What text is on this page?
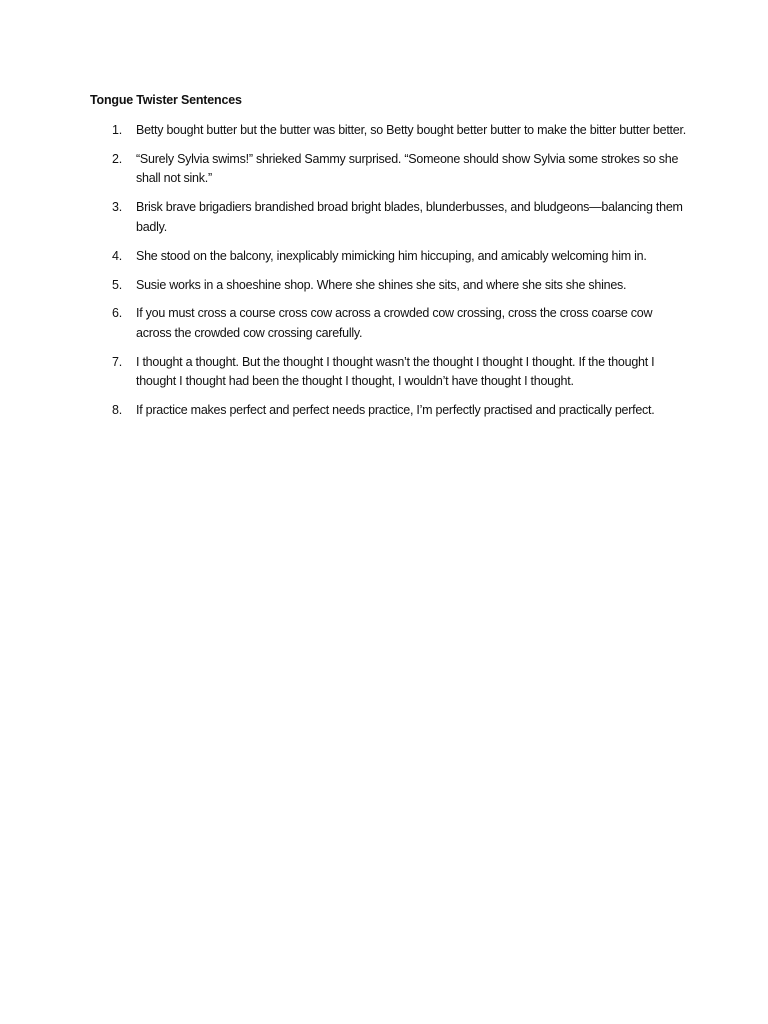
Tongue Twister Sentences
1. Betty bought butter but the butter was bitter, so Betty bought better butter to make the bitter butter better.
2. “Surely Sylvia swims!” shrieked Sammy surprised. “Someone should show Sylvia some strokes so she shall not sink.”
3. Brisk brave brigadiers brandished broad bright blades, blunderbusses, and bludgeons—balancing them badly.
4. She stood on the balcony, inexplicably mimicking him hiccuping, and amicably welcoming him in.
5. Susie works in a shoeshine shop. Where she shines she sits, and where she sits she shines.
6. If you must cross a course cross cow across a crowded cow crossing, cross the cross coarse cow across the crowded cow crossing carefully.
7. I thought a thought. But the thought I thought wasn’t the thought I thought I thought. If the thought I thought I thought had been the thought I thought, I wouldn’t have thought I thought.
8. If practice makes perfect and perfect needs practice, I’m perfectly practised and practically perfect.
